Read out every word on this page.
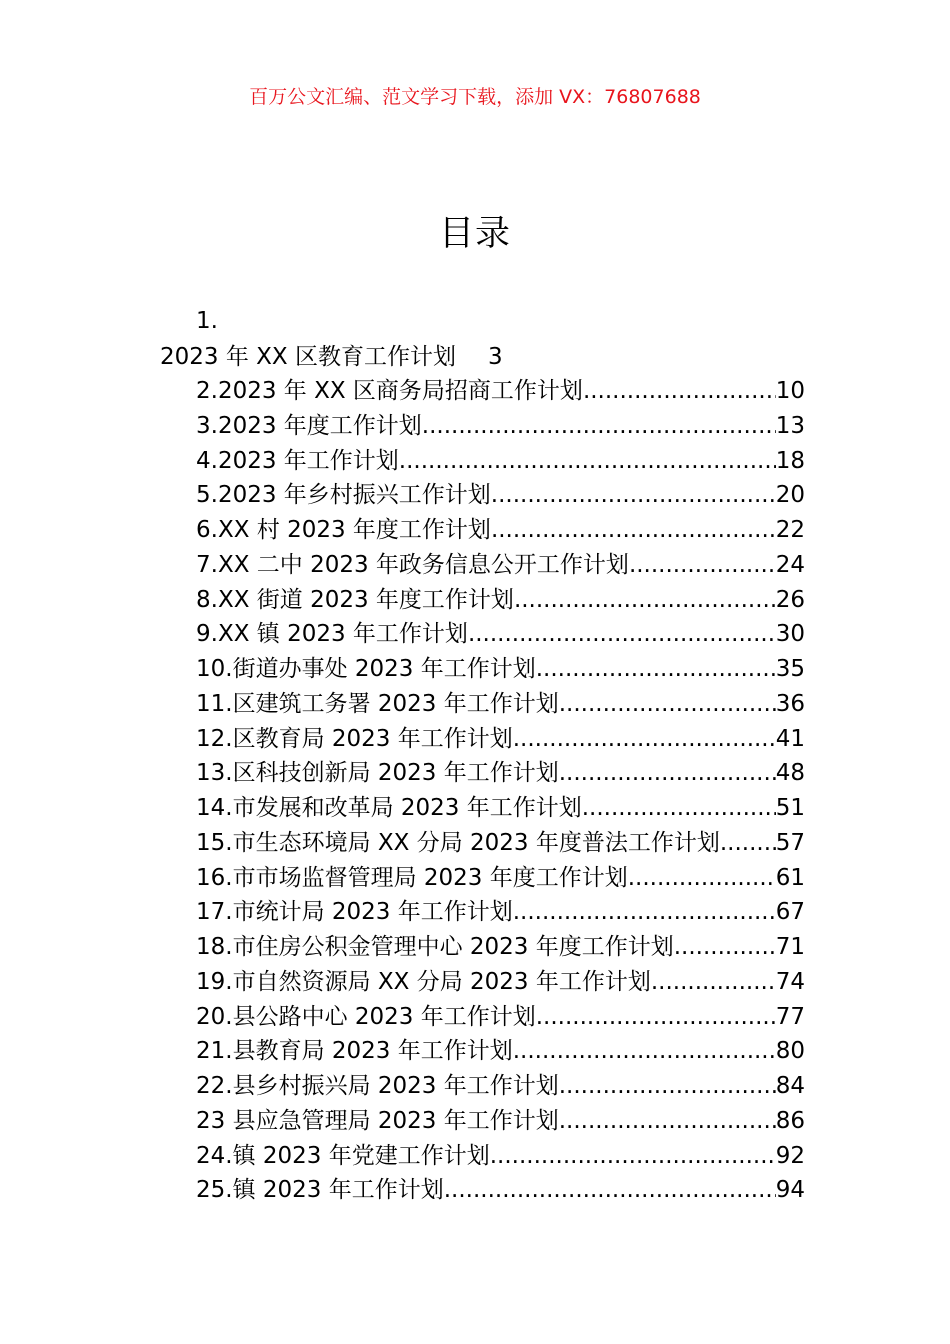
百万公文汇编、范文学习下载，添加 VX：76807688
目录
1.
2023 年 XX 区教育工作计划 3
2.2023 年 XX 区商务局招商工作计划 .....	10
3.2023 年度工作计划 .....	13
4.2023 年工作计划 .....	18
5.2023 年乡村振兴工作计划 .....	20
6.XX 村 2023 年度工作计划 .....	22
7.XX 二中 2023 年政务信息公开工作计划 .....	24
8.XX 街道 2023 年度工作计划 .....	26
9.XX 镇 2023 年工作计划 .....	30
10.街道办事处 2023 年工作计划 .....	35
11.区建筑工务署 2023 年工作计划 .....	36
12.区教育局 2023 年工作计划 .....	41
13.区科技创新局 2023 年工作计划 .....	48
14.市发展和改革局 2023 年工作计划 .....	51
15.市生态环境局 XX 分局 2023 年度普法工作计划 ..... 57
16.市市场监督管理局 2023 年度工作计划 .....	61
17.市统计局 2023 年工作计划 .....	67
18.市住房公积金管理中心 2023 年度工作计划 .....	71
19.市自然资源局 XX 分局 2023 年工作计划 .....	74
20.县公路中心 2023 年工作计划 .....	77
21.县教育局 2023 年工作计划 .....	80
22.县乡村振兴局 2023 年工作计划 .....	84
23 县应急管理局 2023 年工作计划 .....	86
24.镇 2023 年党建工作计划 .....	92
25.镇 2023 年工作计划 .....	94
